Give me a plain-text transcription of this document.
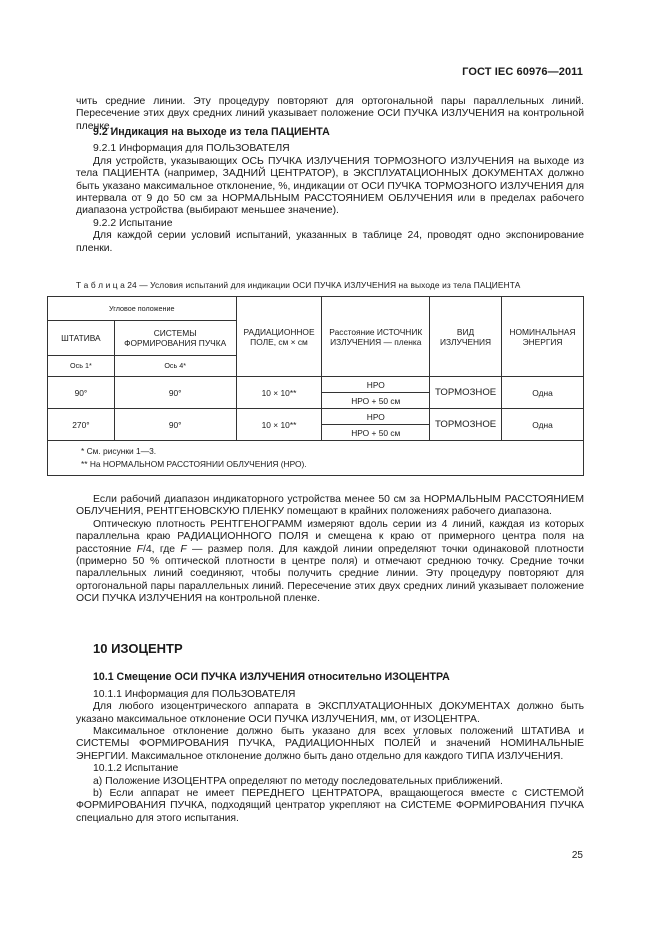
ГОСТ IEC 60976—2011

чить средние линии. Эту процедуру повторяют для ортогональной пары параллельных линий. Пересечение этих двух средних линий указывает положение ОСИ ПУЧКА ИЗЛУЧЕНИЯ на контрольной пленке.

9.2 Индикация на выходе из тела ПАЦИЕНТА

9.2.1 Информация для ПОЛЬЗОВАТЕЛЯ

Для устройств, указывающих ОСЬ ПУЧКА ИЗЛУЧЕНИЯ ТОРМОЗНОГО ИЗЛУЧЕНИЯ на выходе из тела ПАЦИЕНТА (например, ЗАДНИЙ ЦЕНТРАТОР), в ЭКСПЛУАТАЦИОННЫХ ДОКУМЕНТАХ должно быть указано максимальное отклонение, %, индикации от ОСИ ПУЧКА ТОРМОЗНОГО ИЗЛУЧЕНИЯ для интервала от 9 до 50 см за НОРМАЛЬНЫМ РАССТОЯНИЕМ ОБЛУЧЕНИЯ или в пределах рабочего диапазона устройства (выбирают меньшее значение).

9.2.2 Испытание

Для каждой серии условий испытаний, указанных в таблице 24, проводят одно экспонирование пленки.

Т а б л и ц а 24 — Условия испытаний для индикации ОСИ ПУЧКА ИЗЛУЧЕНИЯ на выходе из тела ПАЦИЕНТА
Угловое положение		РАДИАЦИОННОЕ ПОЛЕ, см × см	Расстояние ИСТОЧНИК ИЗЛУЧЕНИЯ — пленка	ВИД ИЗЛУЧЕНИЯ	НОМИНАЛЬНАЯ ЭНЕРГИЯ
ШТАТИВА	СИСТЕМЫ ФОРМИРОВАНИЯ ПУЧКА				
Ось 1*	Ось 4*				
90°	90°	10 × 10**	НРО	ТОРМОЗНОЕ	Одна
			НРО + 50 см		
270°	90°	10 × 10**	НРО	ТОРМОЗНОЕ	Одна
			НРО + 50 см		

* См. рисунки 1—3.
** На НОРМАЛЬНОМ РАССТОЯНИИ ОБЛУЧЕНИЯ (НРО).					

Если рабочий диапазон индикаторного устройства менее 50 см за НОРМАЛЬНЫМ РАССТОЯНИЕМ ОБЛУЧЕНИЯ, РЕНТГЕНОВСКУЮ ПЛЕНКУ помещают в крайних положениях рабочего диапазона.

Оптическую плотность РЕНТГЕНОГРАММ измеряют вдоль серии из 4 линий, каждая из которых параллельна краю РАДИАЦИОННОГО ПОЛЯ и смещена к краю от примерного центра поля на расстояние F/4, где F — размер поля. Для каждой линии определяют точки одинаковой плотности (примерно 50 % оптической плотности в центре поля) и отмечают среднюю точку. Средние точки параллельных линий соединяют, чтобы получить средние линии. Эту процедуру повторяют для ортогональной пары параллельных линий. Пересечение этих двух средних линий указывает положение ОСИ ПУЧКА ИЗЛУЧЕНИЯ на контрольной пленке.

10 ИЗОЦЕНТР

10.1 Смещение ОСИ ПУЧКА ИЗЛУЧЕНИЯ относительно ИЗОЦЕНТРА

10.1.1 Информация для ПОЛЬЗОВАТЕЛЯ

Для любого изоцентрического аппарата в ЭКСПЛУАТАЦИОННЫХ ДОКУМЕНТАХ должно быть указано максимальное отклонение ОСИ ПУЧКА ИЗЛУЧЕНИЯ, мм, от ИЗОЦЕНТРА.

Максимальное отклонение должно быть указано для всех угловых положений ШТАТИВА и СИСТЕМЫ ФОРМИРОВАНИЯ ПУЧКА, РАДИАЦИОННЫХ ПОЛЕЙ и значений НОМИНАЛЬНЫЕ ЭНЕРГИИ. Максимальное отклонение должно быть дано отдельно для каждого ТИПА ИЗЛУЧЕНИЯ.

10.1.2 Испытание

а) Положение ИЗОЦЕНТРА определяют по методу последовательных приближений.

b) Если аппарат не имеет ПЕРЕДНЕГО ЦЕНТРАТОРА, вращающегося вместе с СИСТЕМОЙ ФОРМИРОВАНИЯ ПУЧКА, подходящий центратор укрепляют на СИСТЕМЕ ФОРМИРОВАНИЯ ПУЧКА специально для этого испытания.

25
